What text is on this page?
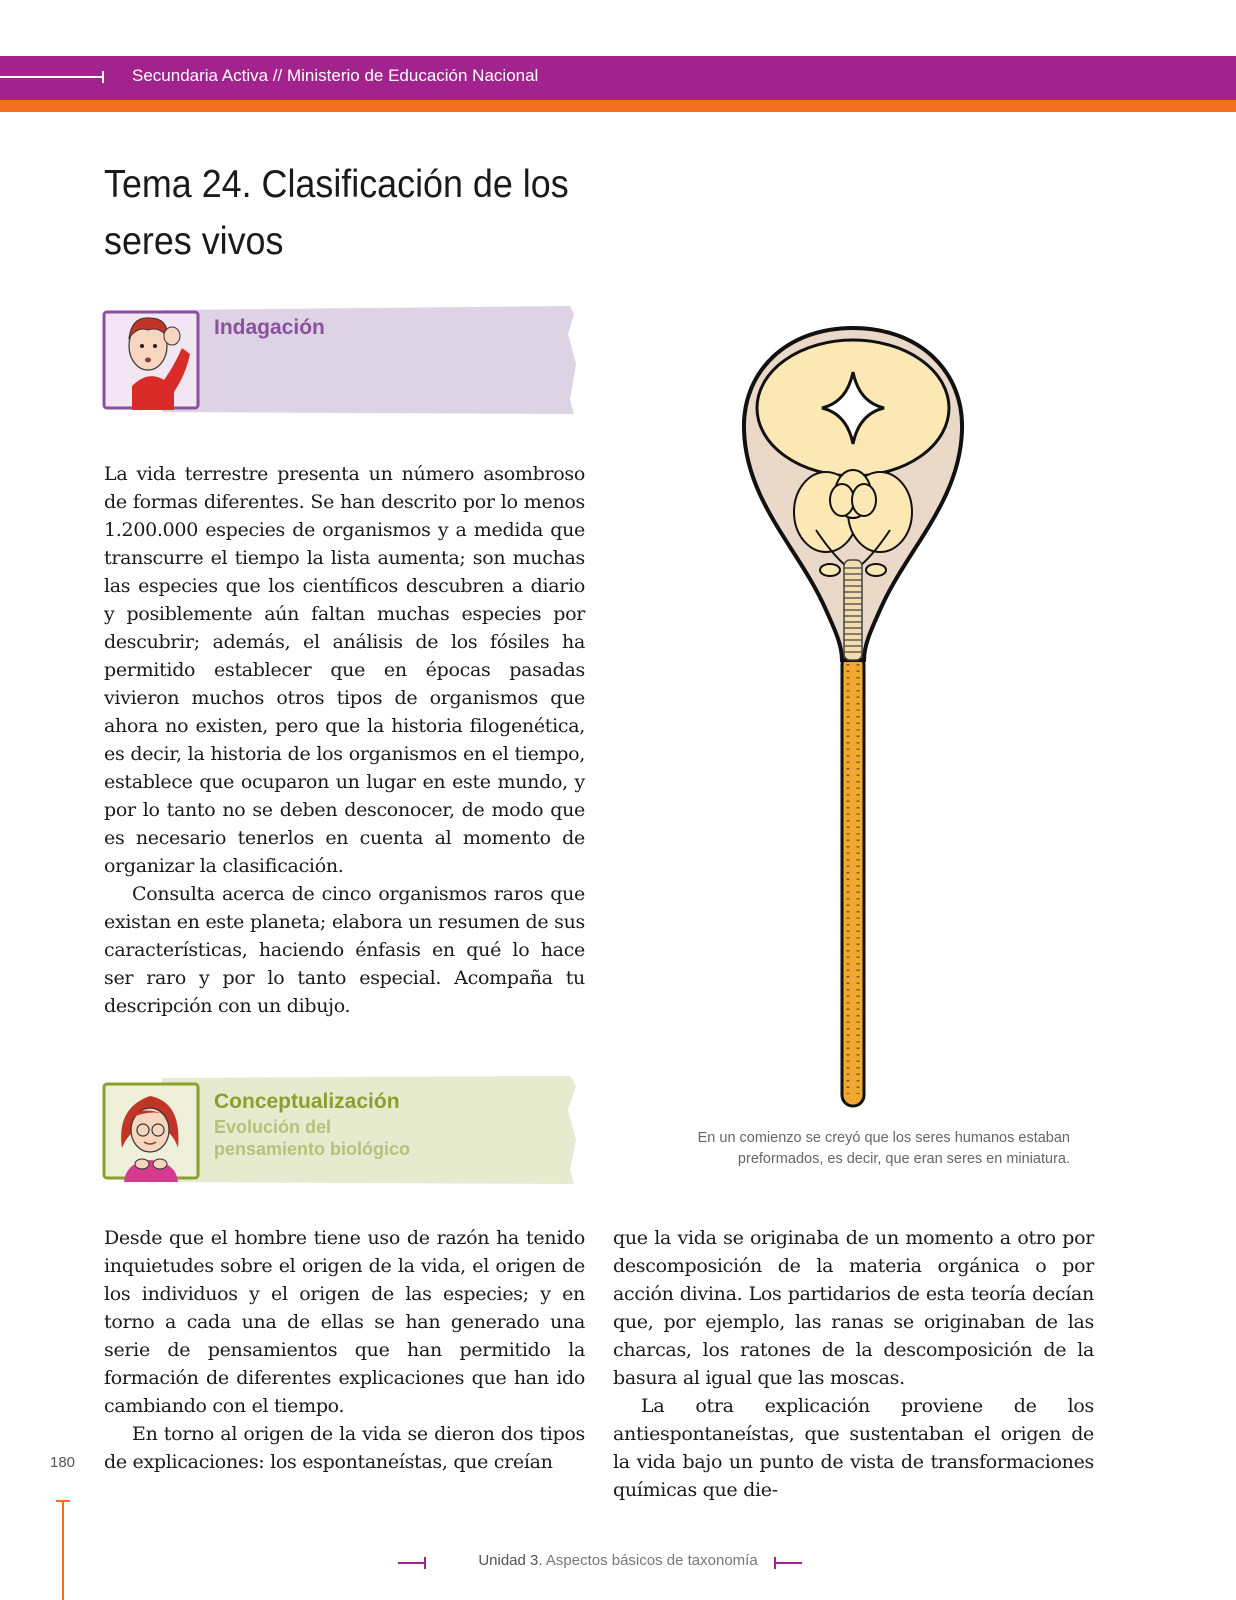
Secundaria Activa // Ministerio de Educación Nacional
Tema 24. Clasificación de los seres vivos
Indagación

La vida terrestre presenta un número asombroso de formas diferentes. Se han descrito por lo menos 1.200.000 especies de organismos y a medida que transcurre el tiempo la lista aumenta; son muchas las especies que los científicos descubren a diario y posiblemente aún faltan muchas especies por descubrir; además, el análisis de los fósiles ha permitido establecer que en épocas pasadas vivieron muchos otros tipos de organismos que ahora no existen, pero que la historia filogenética, es decir, la historia de los organismos en el tiempo, establece que ocuparon un lugar en este mundo, y por lo tanto no se deben desconocer, de modo que es necesario tenerlos en cuenta al momento de organizar la clasificación.

Consulta acerca de cinco organismos raros que existan en este planeta; elabora un resumen de sus características, haciendo énfasis en qué lo hace ser raro y por lo tanto especial. Acompaña tu descripción con un dibujo.

Conceptualización
Evolución del
pensamiento biológico

Desde que el hombre tiene uso de razón ha tenido inquietudes sobre el origen de la vida, el origen de los individuos y el origen de las especies; y en torno a cada una de ellas se han generado una serie de pensamientos que han permitido la formación de diferentes explicaciones que han ido cambiando con el tiempo.

En torno al origen de la vida se dieron dos tipos de explicaciones: los espontaneístas, que creían

que la vida se originaba de un momento a otro por descomposición de la materia orgánica o por acción divina. Los partidarios de esta teoría decían que, por ejemplo, las ranas se originaban de las charcas, los ratones de la descomposición de la basura al igual que las moscas.

La otra explicación proviene de los antiespontaneístas, que sustentaban el origen de la vida bajo un punto de vista de transformaciones químicas que die-

En un comienzo se creyó que los seres humanos estaban
preformados, es decir, que eran seres en miniatura.
180
Unidad 3. Aspectos básicos de taxonomía
